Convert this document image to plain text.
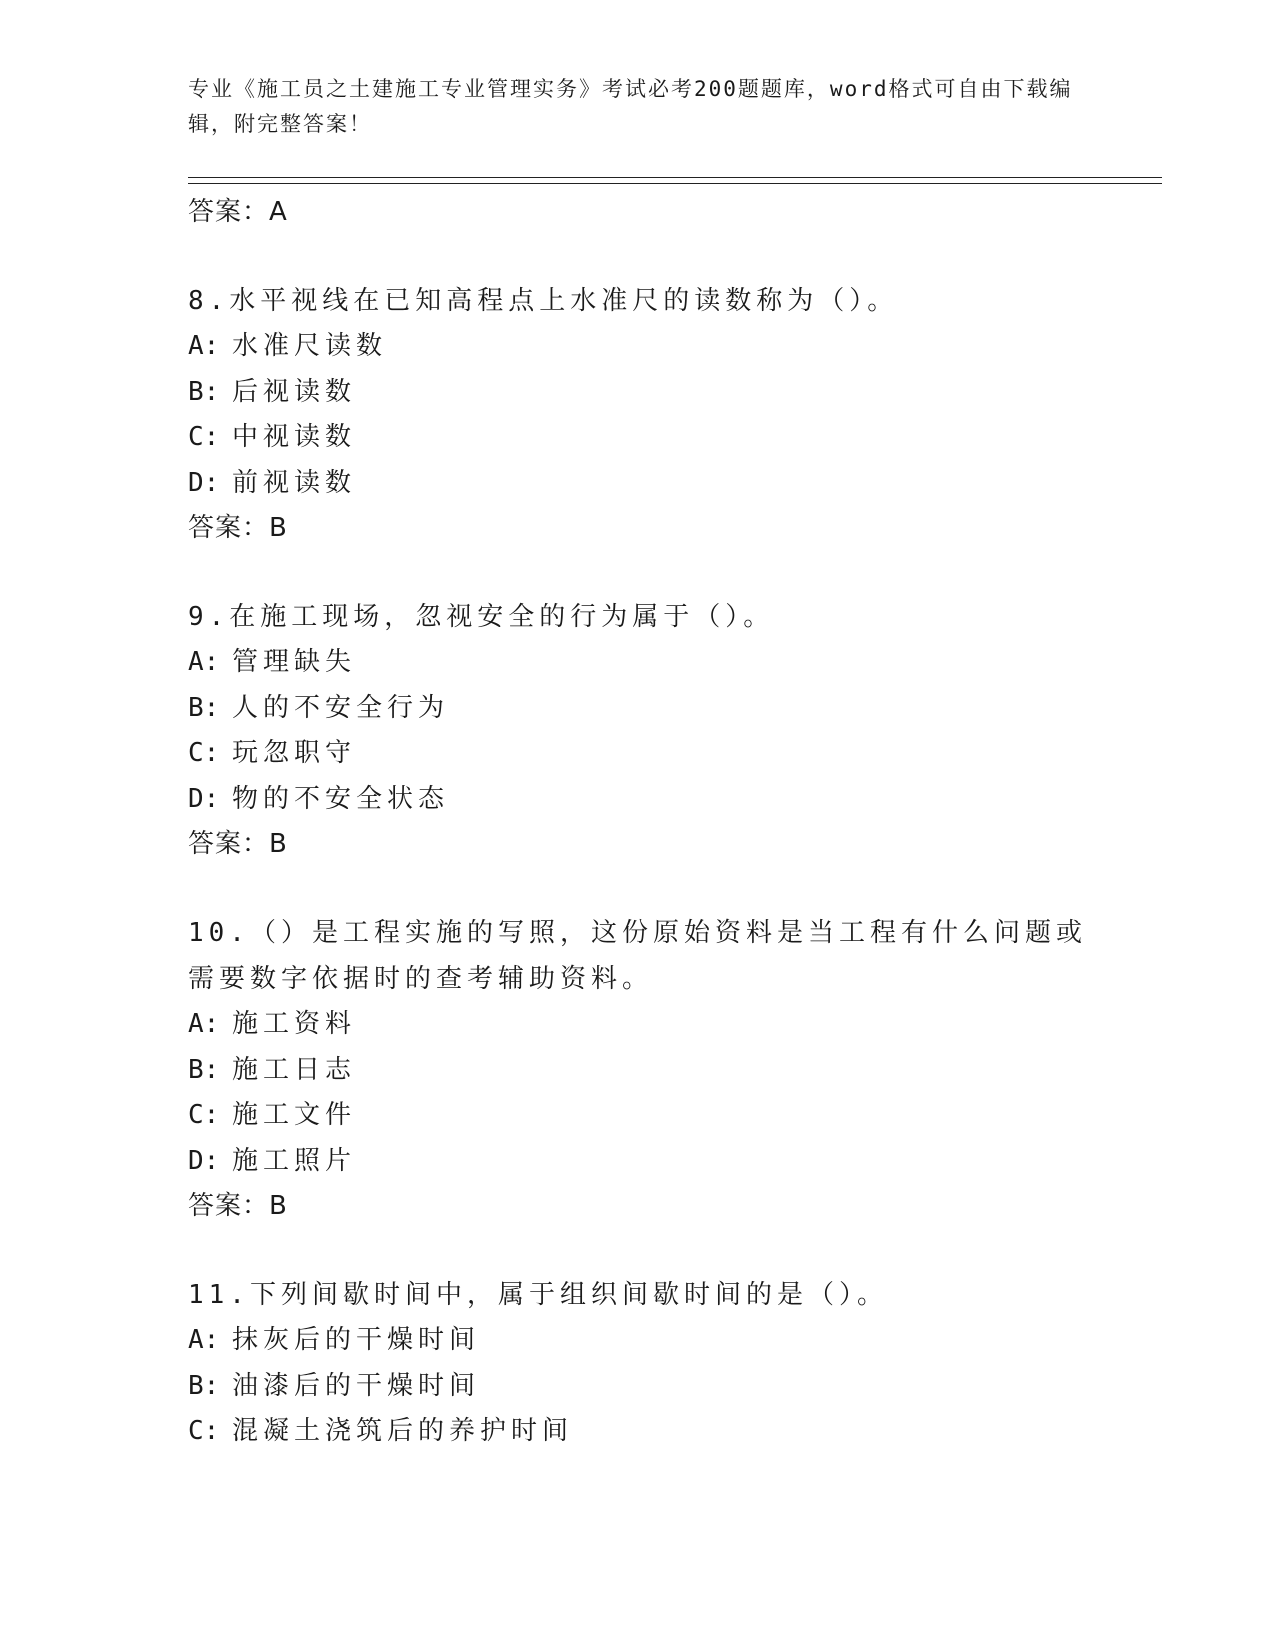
专业《施工员之土建施工专业管理实务》考试必考200题题库，word格式可自由下载编辑，附完整答案！
答案：A
8.水平视线在已知高程点上水准尺的读数称为（）。
A: 水准尺读数
B: 后视读数
C: 中视读数
D: 前视读数
答案：B
9.在施工现场，忽视安全的行为属于（）。
A: 管理缺失
B: 人的不安全行为
C: 玩忽职守
D: 物的不安全状态
答案：B
10.（）是工程实施的写照，这份原始资料是当工程有什么问题或需要数字依据时的查考辅助资料。
A: 施工资料
B: 施工日志
C: 施工文件
D: 施工照片
答案：B
11.下列间歇时间中，属于组织间歇时间的是（）。
A: 抹灰后的干燥时间
B: 油漆后的干燥时间
C: 混凝土浇筑后的养护时间
